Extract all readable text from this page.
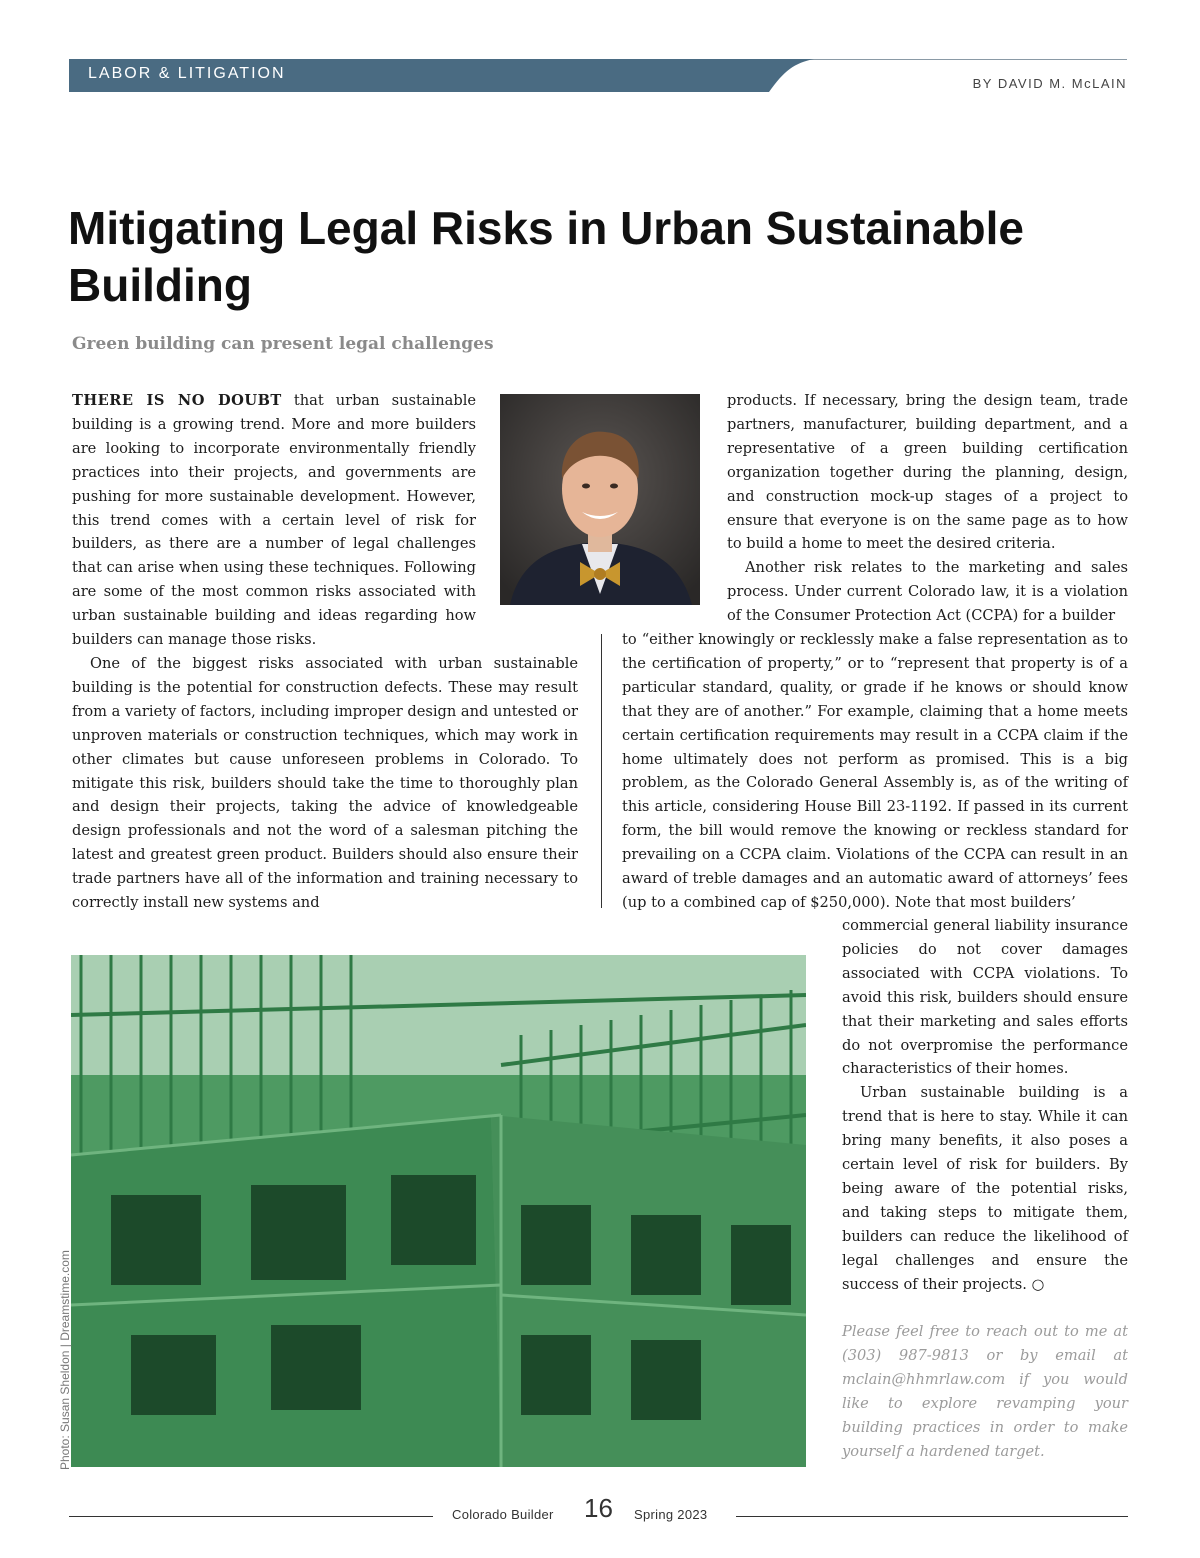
LABOR & LITIGATION
BY DAVID M. McLAIN
Mitigating Legal Risks in Urban Sustainable Building
Green building can present legal challenges

THERE IS NO DOUBT that urban sustainable building is a growing trend. More and more builders are looking to incorporate environmentally friendly practices into their projects, and governments are pushing for more sustainable development. However, this trend comes with a certain level of risk for builders, as there are a number of legal challenges that can arise when using these techniques. Following are some of the most common risks associated with urban sustainable building and ideas regarding how builders can manage those risks.

One of the biggest risks associated with urban sustainable building is the potential for construction defects. These may result from a variety of factors, including improper design and untested or unproven materials or construction techniques, which may work in other climates but cause unforeseen problems in Colorado. To mitigate this risk, builders should take the time to thoroughly plan and design their projects, taking the advice of knowledgeable design professionals and not the word of a salesman pitching the latest and greatest green product. Builders should also ensure their trade partners have all of the information and training necessary to correctly install new systems and

products. If necessary, bring the design team, trade partners, manufacturer, building department, and a representative of a green building certification organization together during the planning, design, and construction mock-up stages of a project to ensure that everyone is on the same page as to how to build a home to meet the desired criteria.

Another risk relates to the marketing and sales process. Under current Colorado law, it is a violation of the Consumer Protection Act (CCPA) for a builder

to “either knowingly or recklessly make a false representation as to the certification of property,” or to “represent that property is of a particular standard, quality, or grade if he knows or should know that they are of another.” For example, claiming that a home meets certain certification requirements may result in a CCPA claim if the home ultimately does not perform as promised. This is a big problem, as the Colorado General Assembly is, as of the writing of this article, considering House Bill 23-1192. If passed in its current form, the bill would remove the knowing or reckless standard for prevailing on a CCPA claim. Violations of the CCPA can result in an award of treble damages and an automatic award of attorneys’ fees (up to a combined cap of $250,000). Note that most builders’

commercial general liability insurance policies do not cover damages associated with CCPA violations. To avoid this risk, builders should ensure that their marketing and sales efforts do not overpromise the performance characteristics of their homes.

Urban sustainable building is a trend that is here to stay. While it can bring many benefits, it also poses a certain level of risk for builders. By being aware of the potential risks, and taking steps to mitigate them, builders can reduce the likelihood of legal challenges and ensure the success of their projects. ○

Please feel free to reach out to me at (303) 987-9813 or by email at mclain@hhmrlaw.com if you would like to explore revamping your building practices in order to make yourself a hardened target.
Photo: Susan Sheldon | Dreamstime.com
Colorado Builder 16 Spring 2023
